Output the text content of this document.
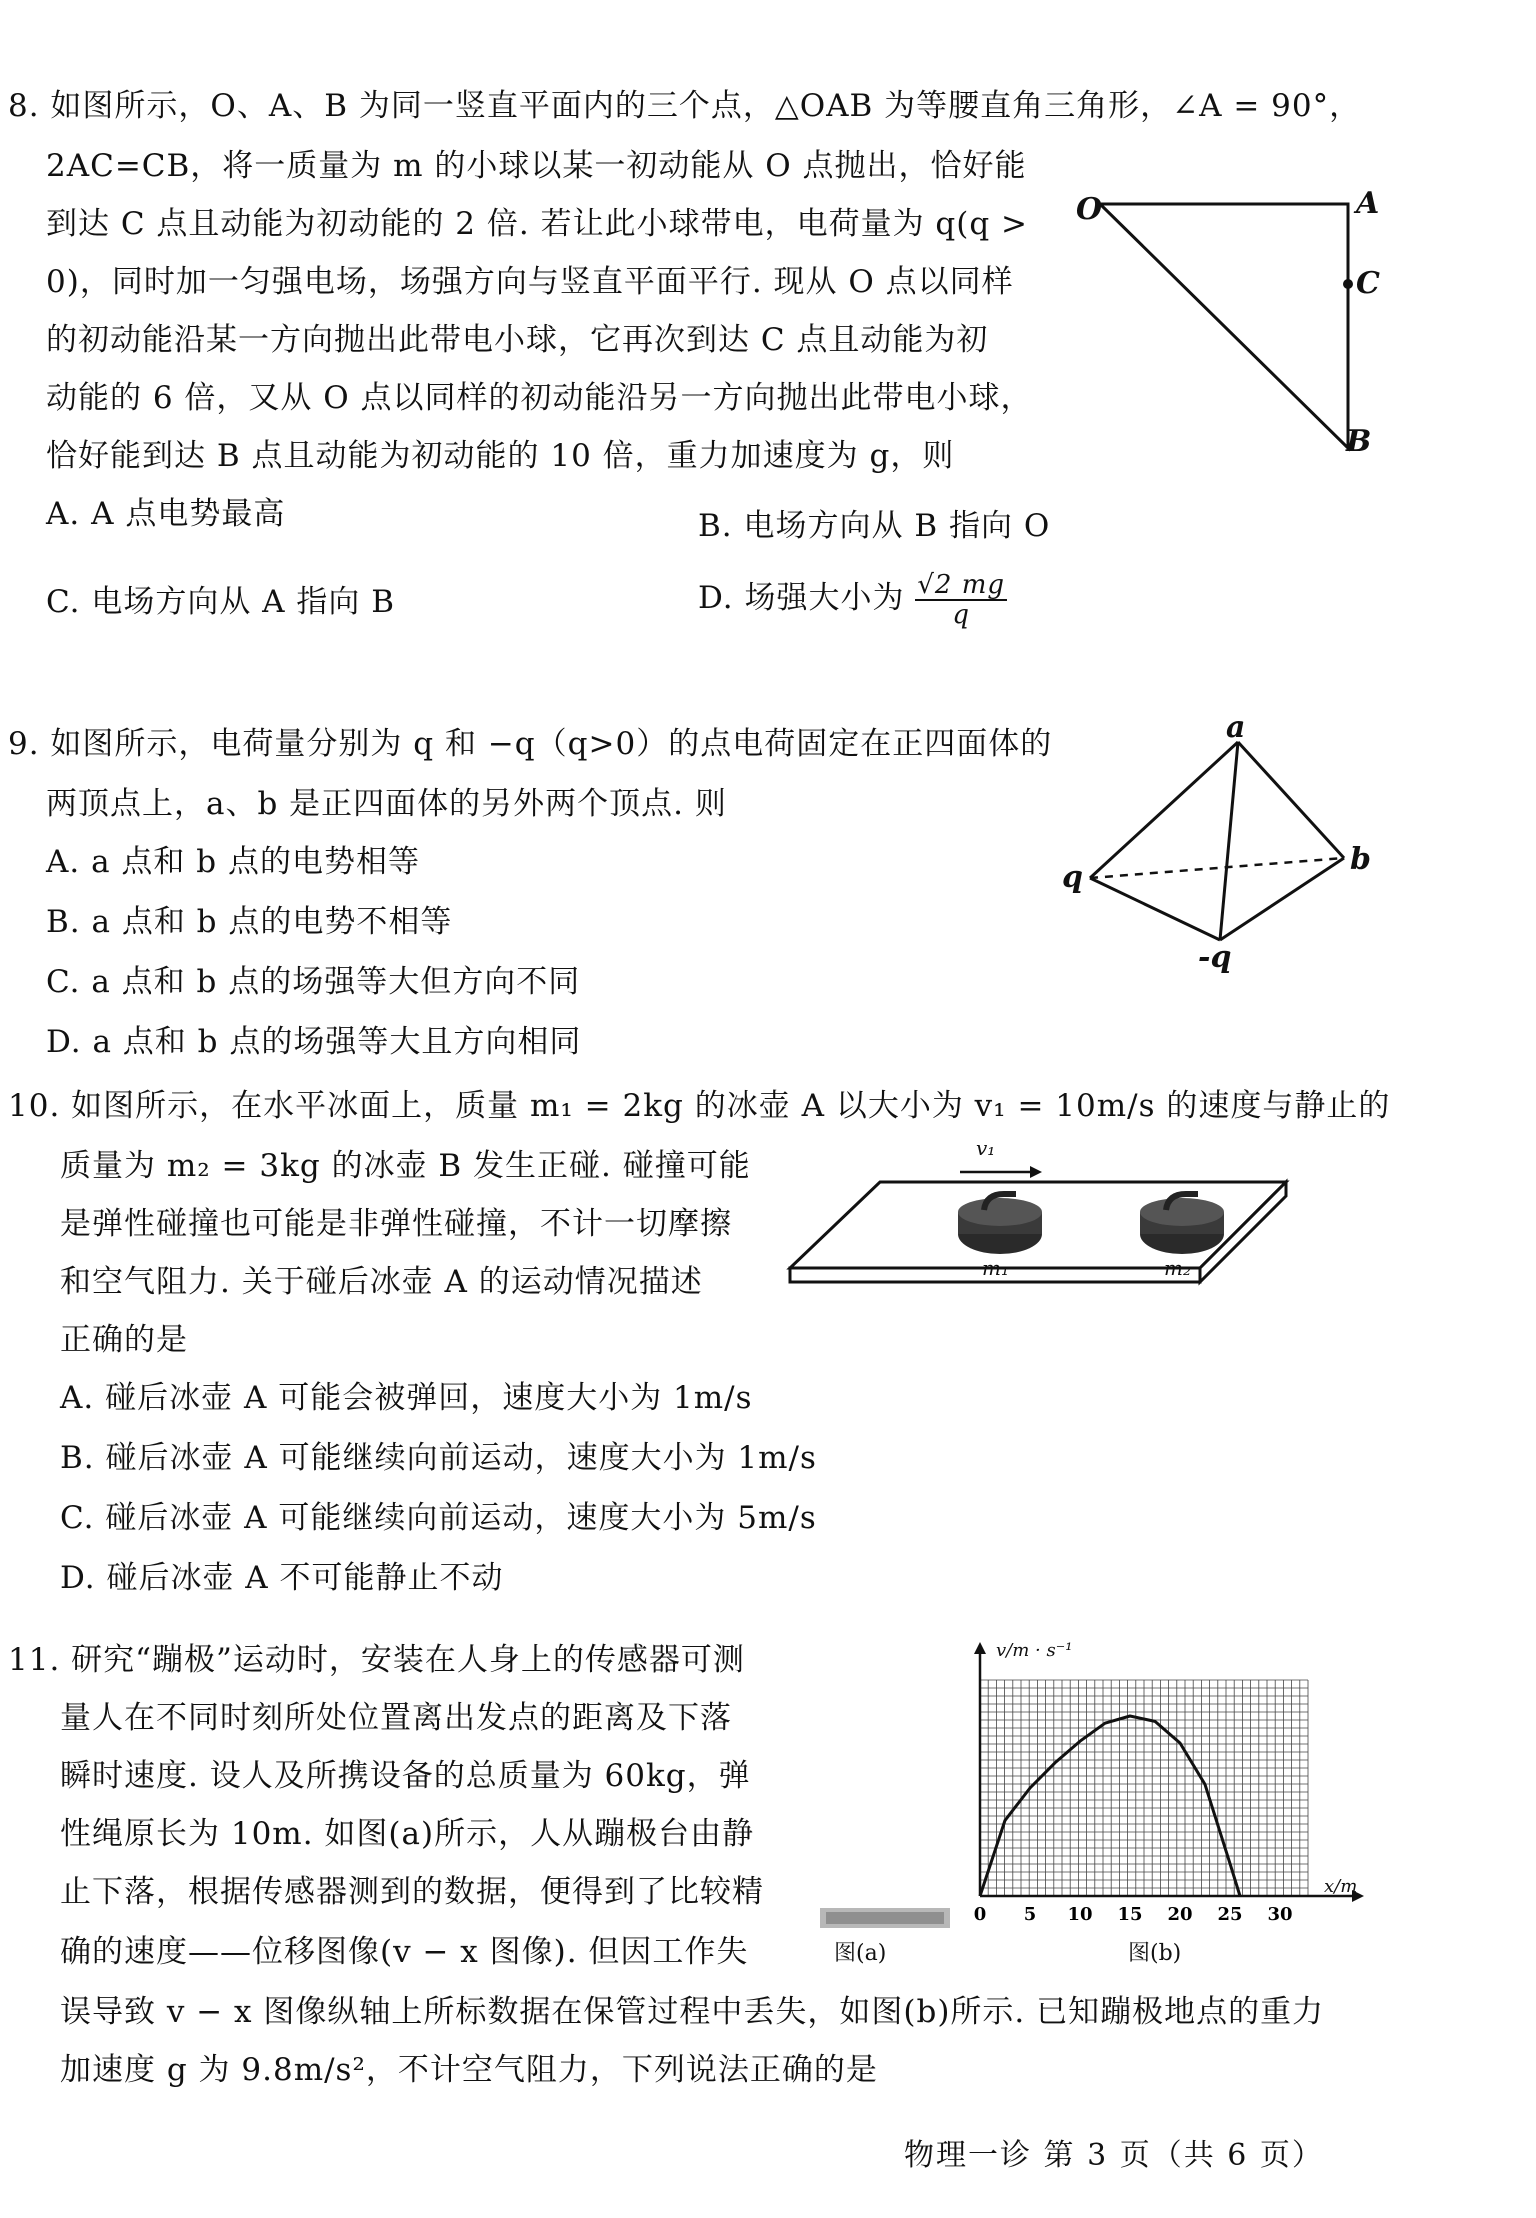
8. 如图所示，O、A、B 为同一竖直平面内的三个点，△OAB 为等腰直角三角形，∠A = 90°，
2AC=CB，将一质量为 m 的小球以某一初动能从 O 点抛出，恰好能
到达 C 点且动能为初动能的 2 倍. 若让此小球带电，电荷量为 q(q >
0)，同时加一匀强电场，场强方向与竖直平面平行. 现从 O 点以同样
的初动能沿某一方向抛出此带电小球，它再次到达 C 点且动能为初
动能的 6 倍，又从 O 点以同样的初动能沿另一方向抛出此带电小球，
恰好能到达 B 点且动能为初动能的 10 倍，重力加速度为 g，则
A. A 点电势最高	B. 电场方向从 B 指向 O
C. 电场方向从 A 指向 B	D. 场强大小为 $\frac{√2 mg}{q}$
O	A
C
B
9. 如图所示，电荷量分别为 q 和 −q（q>0）的点电荷固定在正四面体的
两顶点上，a、b 是正四面体的另外两个顶点. 则
A. a 点和 b 点的电势相等
B. a 点和 b 点的电势不相等
C. a 点和 b 点的场强等大但方向不同
D. a 点和 b 点的场强等大且方向相同
a
b
q
-q
10. 如图所示，在水平冰面上，质量 m₁ = 2kg 的冰壶 A 以大小为 v₁ = 10m/s 的速度与静止的
质量为 m₂ = 3kg 的冰壶 B 发生正碰. 碰撞可能
是弹性碰撞也可能是非弹性碰撞，不计一切摩擦
和空气阻力. 关于碰后冰壶 A 的运动情况描述
正确的是
A. 碰后冰壶 A 可能会被弹回，速度大小为 1m/s
B. 碰后冰壶 A 可能继续向前运动，速度大小为 1m/s
C. 碰后冰壶 A 可能继续向前运动，速度大小为 5m/s
D. 碰后冰壶 A 不可能静止不动
v₁
m₁	m₂
11. 研究“蹦极”运动时，安装在人身上的传感器可测
量人在不同时刻所处位置离出发点的距离及下落
瞬时速度. 设人及所携设备的总质量为 60kg，弹
性绳原长为 10m. 如图(a)所示，人从蹦极台由静
止下落，根据传感器测到的数据，便得到了比较精
确的速度——位移图像(v − x 图像). 但因工作失
误导致 v − x 图像纵轴上所标数据在保管过程中丢失，如图(b)所示. 已知蹦极地点的重力
加速度 g 为 9.8m/s²，不计空气阻力，下列说法正确的是
图(a)
0 5 10 15 20 25 30
v/m · s⁻¹
x/m
图(b)
物理一诊 第 3 页（共 6 页）
